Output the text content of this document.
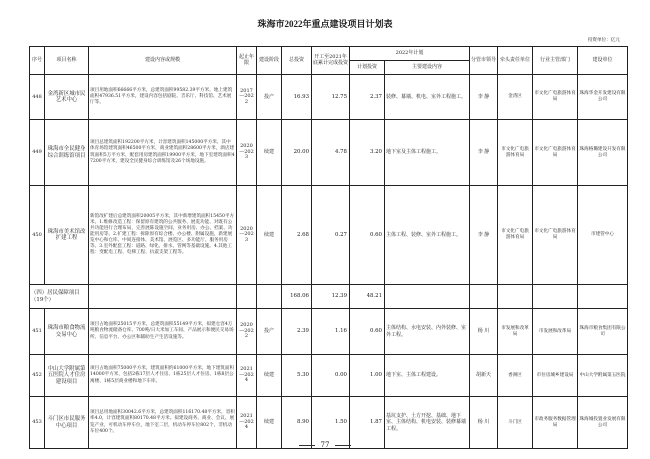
珠海市2022年重点建设项目计划表
投资单位：亿元
序号	项目名称	建设内容或规模	起止年限	建设阶段	总投资	开工至2021年底累计完成投资	2022年计划		分管市领导	牵头责任单位	行业主管部门	建设单位
							计划投资	主要建设内容				
448	金湾新区城市民艺术中心	项目用地面积66666平方米，总建筑面积99582.39平方米，地上建筑面积47936.51平方米，建设内容包括剧院、音乐厅、科技馆、艺术展厅等。	2017—2022	投产	16.93	12.75	2.37	装修、幕墙、机电、室外工程施工。	李 静	金湾区	市文化广电旅游体育局	珠海华金开发建设有限公司
449	珠海市全民健身综合训练馆项目	项目总建筑面积192200平方米，计容建筑面积145000平方米，其中体育场馆建筑面积46500平方米，商业建筑面积28600平方米，酒店建筑面积5万平方米，配套用房建筑面积19900平方米，地下室建筑面积47200平方米，建设全民健身综合训练馆及26个场地设施。	2020—2023	续建	20.00	4.78	3.20	地下室及主体工程施工。	李 静	市文化广电旅游体育局	市文化广电旅游体育局	珠海格璐建设开发有限公司
450	珠海市美术馆改扩建工程	新馆改扩建后总建筑面积20005平方米，其中新增建筑面积15450平方米。1.维修改造工程：保留原有建筑的公共服务、展览功能、对既有公共功能进行合理布局，完善展陈设施空间、业务用房、办公、档案、功能用房等。2.扩建工程：拆除原有综合楼、办公楼、附属设施，新建展览中心和仓库、中间连接体、美术馆、展览区、多功能厅、服务用房等。3.室外配套工程：道路、绿化、排水、管网等基础设施。4.其他工程：变配电工程、电梯工程、抗震支架工程等。	2020—2023	续建	2.68	0.27	0.60	主体工程、装修、室外工程施工。	李 静	市文化广电旅游体育局	市文化广电旅游体育局	市建管中心
（四）居民保障项目（19个）					168.06	12.39	48.21					
451	珠海市粮食物流交易中心	项目占地面积25015平方米，总建筑面积55149平方米，拟建仓容4万吨粮食物流储备仓库、700吨/日大米加工车间、产品展示和便民交易场所、信息平台、办公区和辅助生产生活设施等。	2020—2022	投产	2.39	1.16	0.60	主体结构、水电安装、内外装修、室外工程。	杨 川	市发展和改革局	市发展和改革局	珠海市粮食集团有限公司
452	中山大学附属第五医院人才住房建设项目	项目占地面积75000平方米，建筑面积约61000平方米，地下建筑面积14000平方米，包括2栋17层人才住房、1栋25层人才住房、1栋8层公寓楼、1栋5层商业楼和地下车库。	2021—2024	续建	5.30	0.00	1.00	地下室、主体工程建设。	胡新天	香洲区	市住房城乡建设局	中山大学附属第五医院
453	斗门区市民服务中心项目	项目总用地面积30042.6平方米，总建筑面积116170.48平方米，容积率4.0，计容建筑面积80170.48平方米。拟建设商务、商业、会议、展览产业，可机动车停车位，地下室二层，机动车停车位802个，非机动车位400个。	2021—2024	续建	8.90	1.50	1.87	基坑支护、土方开挖、基础、地下室、主体结构、机电安装、装修幕墙工程。	杨 川	斗门区	市政务服务数据管理局	珠海城投置业发展有限公司
77
